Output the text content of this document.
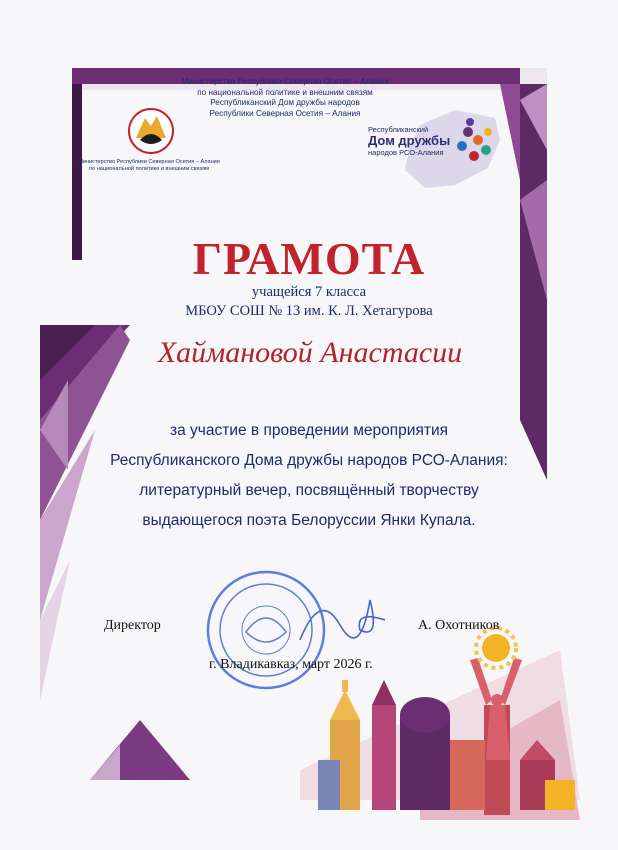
Министерство Республики Северная Осетия – Алания
по национальной политике и внешним связям
Республиканский Дом дружбы народов
Республики Северная Осетия – Алания
Министерство Республики Северная Осетия – Алания
по национальной политике и внешним связям
Республиканский
Дом дружбы
народов РСО-Алания
ГРАМОТА
учащейся 7 класса
МБОУ СОШ № 13 им. К. Л. Хетагурова
Хаймановой Анастасии
за участие в проведении мероприятия
Республиканского Дома дружбы народов РСО-Алания:
литературный вечер, посвящённый творчеству
выдающегося поэта Белоруссии Янки Купала.
Директор	А. Охотников
г. Владикавказ, март 2026 г.
